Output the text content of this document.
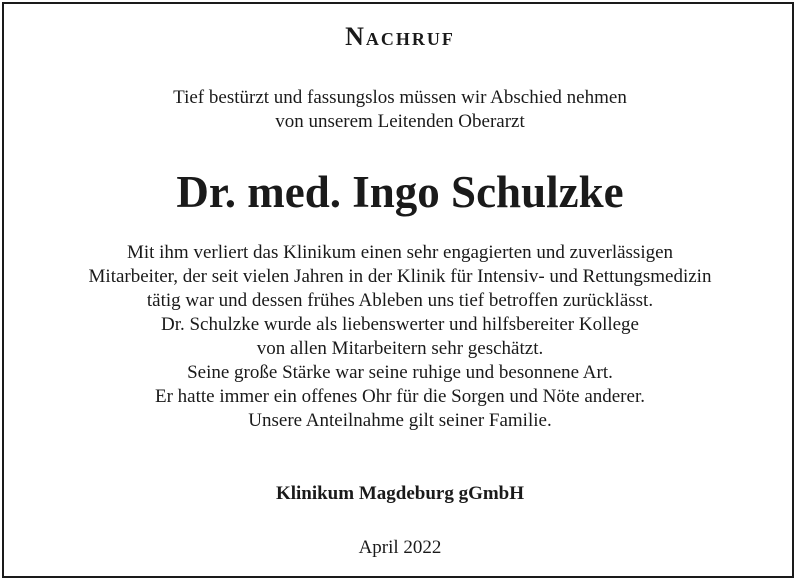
Nachruf
Tief bestürzt und fassungslos müssen wir Abschied nehmen
von unserem Leitenden Oberarzt
Dr. med. Ingo Schulzke
Mit ihm verliert das Klinikum einen sehr engagierten und zuverlässigen
Mitarbeiter, der seit vielen Jahren in der Klinik für Intensiv- und Rettungsmedizin
tätig war und dessen frühes Ableben uns tief betroffen zurücklässt.
Dr. Schulzke wurde als liebenswerter und hilfsbereiter Kollege
von allen Mitarbeitern sehr geschätzt.
Seine große Stärke war seine ruhige und besonnene Art.
Er hatte immer ein offenes Ohr für die Sorgen und Nöte anderer.
Unsere Anteilnahme gilt seiner Familie.
Klinikum Magdeburg gGmbH
April 2022
